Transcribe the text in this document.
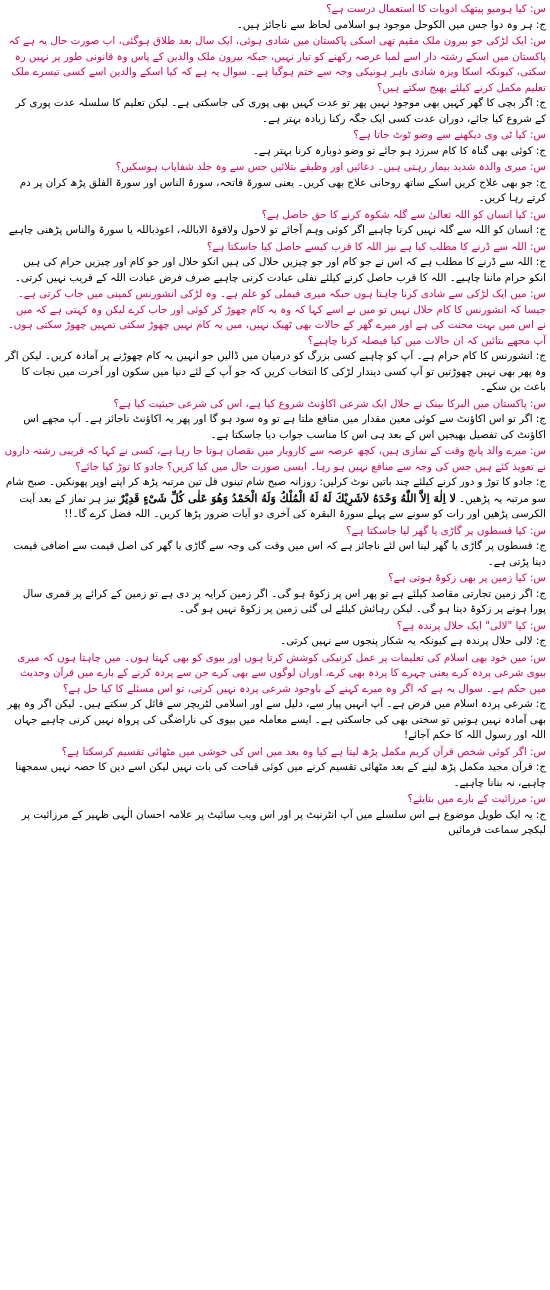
س: کیا ہومیو پیتھک ادویات کا استعمال درست ہے؟

ج: ہر وہ دوا جس میں الکوحل موجود ہو اسلامی لحاظ سے ناجائز ہیں۔

س: ایک لڑکی جو بیرون ملک مقیم تھی اسکی پاکستان میں شادی ہوئی، ایک سال بعد طلاق ہوگئی، اب صورت حال یہ ہے کہ پاکستان میں اسکے رشتہ دار اسے لمبا عرصہ رکھنے کو تیار نہیں، جبکہ بیرون ملک والدین کے پاس وہ قانونی طور پر نہیں رہ سکتی، کیونکہ اسکا ویزہ شادی باہر ہونیکی وجہ سے ختم ہوگیا ہے۔ سوال یہ ہے کہ کیا اسکے والدین اسے کسی تیسرے ملک تعلیم مکمل کرنے کیلئے بھیج سکتے ہیں؟

ج: اگر بچی کا گھر کہیں بھی موجود نہیں پھر تو عدت کہیں بھی پوری کی جاسکتی ہے۔ لیکن تعلیم کا سلسلہ عدت پوری کر کے شروع کیا جائے، دوران عدت کسی ایک جگہ رکنا زیادہ بہتر ہے۔

س: کیا ٹی وی دیکھنے سے وضو ٹوٹ جاتا ہے؟

ج: کوئی بھی گناہ کا کام سرزد ہو جائے تو وضو دوبارہ کرنا بہتر ہے۔

س: میری والدہ شدید بیمار رہتی ہیں۔ دعائیں اور وظیفے بتلائیں جس سے وہ جلد شفایاب ہوسکیں؟

ج: جو بھی علاج کریں اسکے ساتھ روحانی علاج بھی کریں۔ یعنی سورۃ فاتحہ، سورۃ الناس اور سورۃ الفلق پڑھ کران پر دم کرتے رہا کریں۔

س: کیا انسان کو اللہ تعالیٰ سے گلہ شکوہ کرنے کا حق حاصل ہے؟

ج: انسان کو اللہ سے گلہ نہیں کرنا چاہیے اگر کوئی وہم آجائے تو لاحول ولاقوۃ الاباللہ، اعوذباللہ یا سورۃ والناس پڑھنی چاہیے

س: اللہ سے ڈرنے کا مطلب کیا ہے نیز اللہ کا قرب کیسے حاصل کیا جاسکتا ہے؟

ج: اللہ سے ڈرنے کا مطلب ہے کہ اس نے جو کام اور جو چیزیں حلال کی ہیں انکو حلال اور جو کام اور چیزیں حرام کی ہیں انکو حرام ماننا چاہیے۔ اللہ کا قرب حاصل کرنے کیلئے نفلی عبادت کرنی چاہیے صرف فرض عبادت اللہ کے قریب نہیں کرتی۔

س: میں ایک لڑکی سے شادی کرنا چاہتا ہوں جبکہ میری فیملی کو علم ہے۔ وہ لڑکی انشورنس کمپنی میں جاب کرتی ہے۔ جیسا کہ انشورنس کا کام حلال نہیں تو میں نے اسے کہا کہ وہ یہ کام چھوڑ کر کوئی اور جاب کرے لیکن وہ کہتی ہے کہ میں نے اس میں بہت محنت کی ہے اور میرے گھر کے حالات بھی ٹھیک نہیں، میں یہ کام نہیں چھوڑ سکتی تمہیں چھوڑ سکتی ہوں۔ آپ مجھے بتائیں کہ ان حالات میں کیا فیصلہ کرنا چاہیے؟

ج: انشورنس کا کام حرام ہے۔ آپ کو چاہیے کسی بزرگ کو درمیان میں ڈالیں جو انہیں یہ کام چھوڑنے پر آمادہ کریں۔ لیکن اگر وہ پھر بھی نہیں چھوڑتیں تو آپ کسی دیندار لڑکی کا انتخاب کریں کہ جو آپ کے لئے دنیا میں سکون اور آخرت میں نجات کا باعث بن سکے۔

س: پاکستان میں البرکا بینک نے حلال ایک شرعی اکاؤنٹ شروع کیا ہے، اس کی شرعی حیثیت کیا ہے؟

ج: اگر تو اس اکاؤنٹ سے کوئی معین مقدار میں منافع ملتا ہے تو وہ سود ہو گا اور پھر یہ اکاؤنٹ ناجائز ہے۔ آپ مجھے اس اکاؤنٹ کی تفصیل بھیجیں اس کے بعد ہی اس کا مناسب جواب دیا جاسکتا ہے۔

س: میرے والد پانچ وقت کے نمازی ہیں، کچھ عرصہ سے کاروبار میں نقصان ہوتا جا رہا ہے، کسی نے کہا کہ قریبی رشتہ داروں نے تعویذ کئے ہیں جس کی وجہ سے منافع نہیں ہو رہا۔ ایسی صورت حال میں کیا کریں؟ جادو کا توڑ کیا جائے؟

ج: جادو کا توڑ و دور کرنے کیلئے چند باتیں نوٹ کرلیں: روزانہ صبح شام تینوں قل تین مرتبہ پڑھ کر اپنے اوپر پھونکیں۔ صبح شام سو مرتبہ یہ پڑھیں۔ لا اِلٰهَ اِلاَّ اللّٰهُ وَحْدَهُ لاَشَرِیْكَ لَهُ لَهُ الْمُلْكُ وَلَهُ الْحَمْدُ وَهُوَ عَلٰى كُلِّ شَیْءٍ قَدِیْرٌ نیز ہر نماز کے بعد آیت الکرسی پڑھیں اور رات کو سونے سے پہلے سورۃ البقرہ کی آخری دو آیات ضرور پڑھا کریں۔ اللہ فضل کرے گا۔!!

س: کیا قسطوں پر گاڑی یا گھر لیا جاسکتا ہے؟

ج: قسطوں پر گاڑی یا گھر لینا اس لئے ناجائز ہے کہ اس میں وقت کی وجہ سے گاڑی یا گھر کی اصل قیمت سے اضافی قیمت دینا پڑتی ہے۔

س: کیا زمین پر بھی زکوۃ ہوتی ہے؟

ج: اگر زمین تجارتی مقاصد کیلئے ہے تو پھر اس پر زکوۃ ہو گی۔ اگر زمین کرایہ پر دی ہے تو زمین کے کرائے پر قمری سال پورا ہونے پر زکوۃ دینا ہو گی۔ لیکن رہائش کیلئے لی گئی زمین پر زکوۃ نہیں ہو گی۔

س: کیا "لالی" ایک حلال پرندہ ہے؟

ج: لالی حلال پرندہ ہے کیونکہ یہ شکار پنجوں سے نہیں کرتی۔

س: میں خود بھی اسلام کی تعلیمات پر عمل کرنیکی کوشش کرتا ہوں اور بیوی کو بھی کہتا ہوں۔ میں چاہتا ہوں کہ میری بیوی شرعی پردہ کرے یعنی چہرے کا پردہ بھی کرے، اوران لوگوں سے بھی کرے جن سے پردہ کرنے کے بارے میں قرآن وحدیث میں حکم ہے۔ سوال یہ ہے کہ اگر وہ میرے کہنے کے باوجود شرعی پردہ نہیں کرتی، تو اس مسئلے کا کیا حل ہے؟

ج: شرعی پردہ اسلام میں فرض ہے۔ آپ انہیں پیار سے، دلیل سے اور اسلامی لٹریچر سے قائل کر سکتے ہیں۔ لیکن اگر وہ پھر بھی آمادہ نہیں ہوتیں تو سختی بھی کی جاسکتی ہے۔ ایسے معاملہ میں بیوی کی ناراضگی کی پرواہ نہیں کرنی چاہیے جہاں اللہ اور رسول اللہ کا حکم آجائے!

س: اگر کوئی شخص قرآن کریم مکمل پڑھ لیتا ہے کیا وہ بعد میں اس کی خوشی میں مٹھائی تقسیم کرسکتا ہے؟

ج: قرآن مجید مکمل پڑھ لینے کے بعد مٹھائی تقسیم کرنے میں کوئی قباحت کی بات نہیں لیکن اسے دین کا حصہ نہیں سمجھنا چاہیے، نہ بنانا چاہیے۔

س: مرزائیت کے بارے میں بتایئے؟

ج: یہ ایک طویل موضوع ہے اس سلسلے میں آپ انٹرنیٹ پر اور اس ویب سائیٹ پر علامہ احسان الٰہی ظہیر کے مرزائیت پر لیکچر سماعت فرمائیں
